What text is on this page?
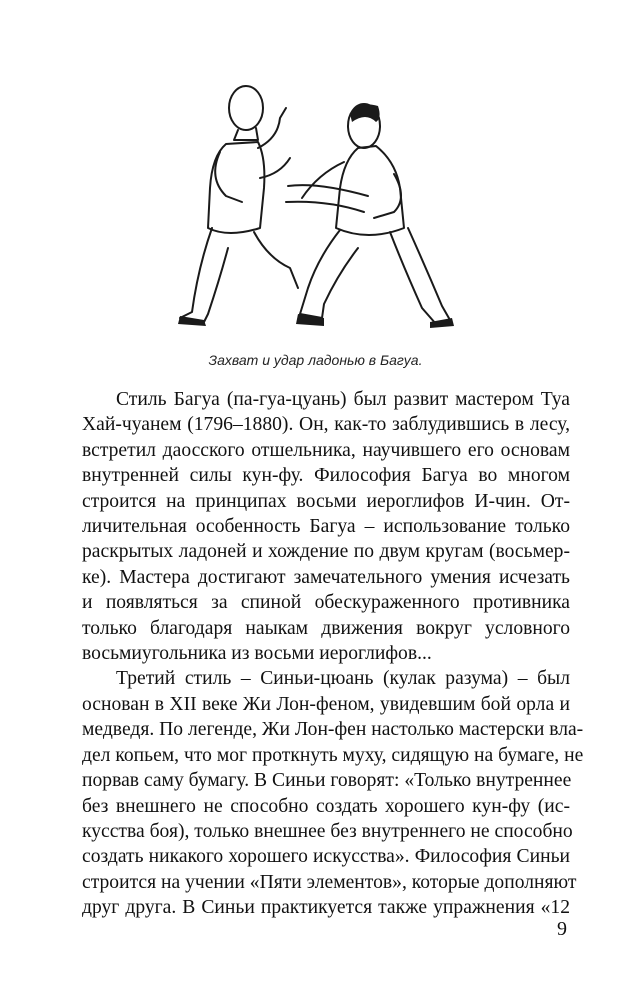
Захват и удар ладонью в Багуа.
Стиль Багуа (па-гуа-цуань) был развит мастером Туа
Хай-чуанем (1796–1880). Он, как-то заблудившись в лесу,
встретил даосского отшельника, научившего его основам
внутренней силы кун-фу. Философия Багуа во многом
строится на принципах восьми иероглифов И-чин. От-
личительная особенность Багуа – использование только
раскрытых ладоней и хождение по двум кругам (восьмер-
ке). Мастера достигают замечательного умения исчезать
и появляться за спиной обескураженного противника
только благодаря наыкам движения вокруг условного
восьмиугольника из восьми иероглифов...
Третий стиль – Синьи-цюань (кулак разума) – был
основан в XII веке Жи Лон-феном, увидевшим бой орла и
медведя. По легенде, Жи Лон-фен настолько мастерски вла-
дел копьем, что мог проткнуть муху, сидящую на бумаге, не
порвав саму бумагу. В Синьи говорят: «Только внутреннее
без внешнего не способно создать хорошего кун-фу (ис-
кусства боя), только внешнее без внутреннего не способно
создать никакого хорошего искусства». Философия Синьи
строится на учении «Пяти элементов», которые дополняют
друг друга. В Синьи практикуется также упражнения «12
9
